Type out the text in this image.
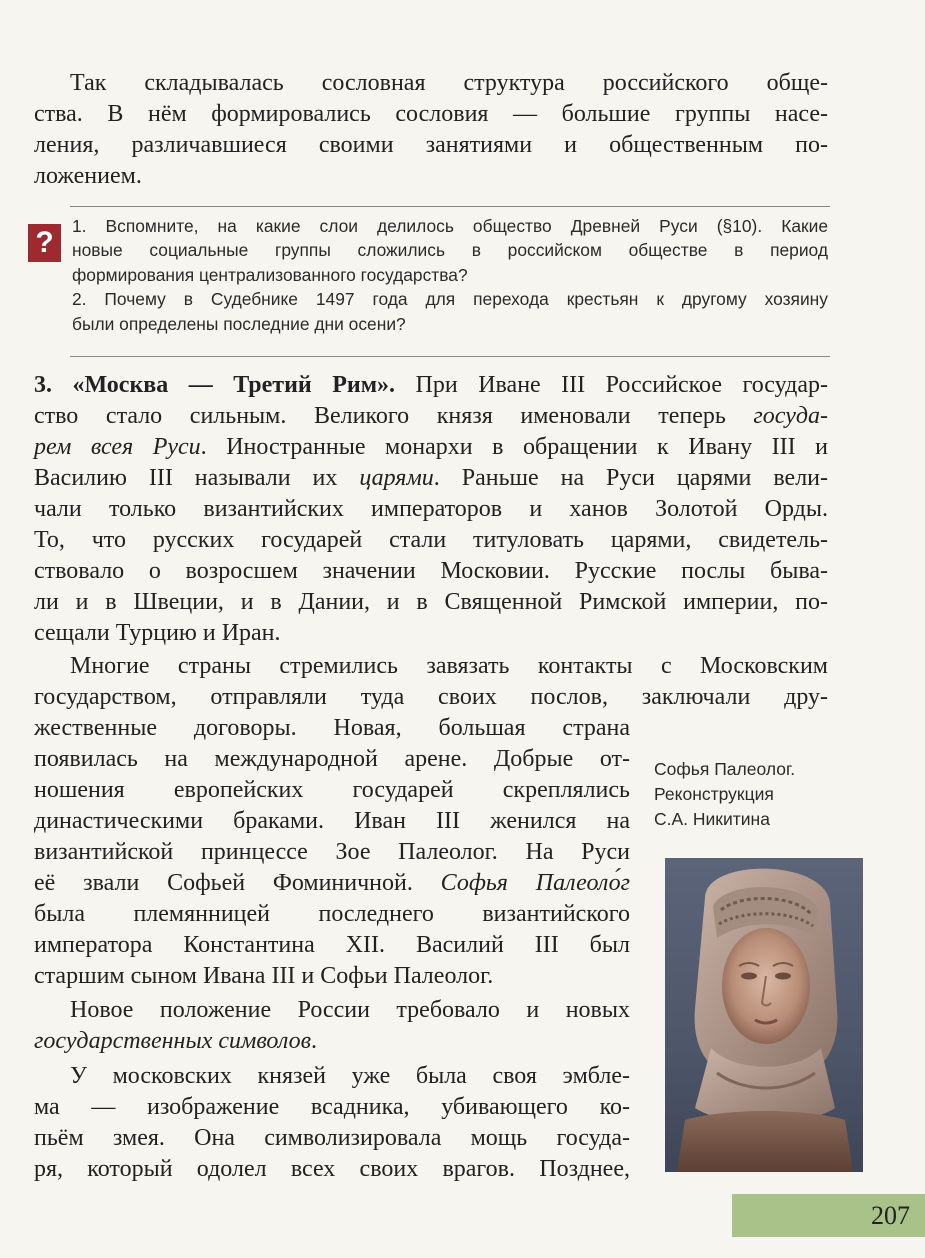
Так складывалась сословная структура российского обще-

ства. В нём формировались сословия — большие группы насе-

ления, различавшиеся своими занятиями и общественным по-

ложением.

?	1. Вспомните, на какие слои делилось общество Древней Руси (§10). Какие
новые социальные группы сложились в российском обществе в период
формирования централизованного государства?
2. Почему в Судебнике 1497 года для перехода крестьян к другому хозяину
были определены последние дни осени?

3. «Москва — Третий Рим». При Иване III Российское государ-

ство стало сильным. Великого князя именовали теперь госуда-

рем всея Руси. Иностранные монархи в обращении к Ивану III и

Василию III называли их царями. Раньше на Руси царями вели-

чали только византийских императоров и ханов Золотой Орды.

То, что русских государей стали титуловать царями, свидетель-

ствовало о возросшем значении Московии. Русские послы быва-

ли и в Швеции, и в Дании, и в Священной Римской империи, по-

сещали Турцию и Иран.

Многие страны стремились завязать контакты с Московским

государством, отправляли туда своих послов, заключали дру-

жественные договоры. Новая, большая страна

появилась на международной арене. Добрые от-

ношения европейских государей скреплялись

династическими браками. Иван III женился на

византийской принцессе Зое Палеолог. На Руси

её звали Софьей Фоминичной. Софья Палеоло́г

была племянницей последнего византийского

императора Константина XII. Василий III был

старшим сыном Ивана III и Софьи Палеолог.

Новое положение России требовало и новых

государственных символов.

У московских князей уже была своя эмбле-

ма — изображение всадника, убивающего ко-

пьём змея. Она символизировала мощь госуда-

ря, который одолел всех своих врагов. Позднее,

Софья Палеолог.
Реконструкция
С.А. Никитина
207
